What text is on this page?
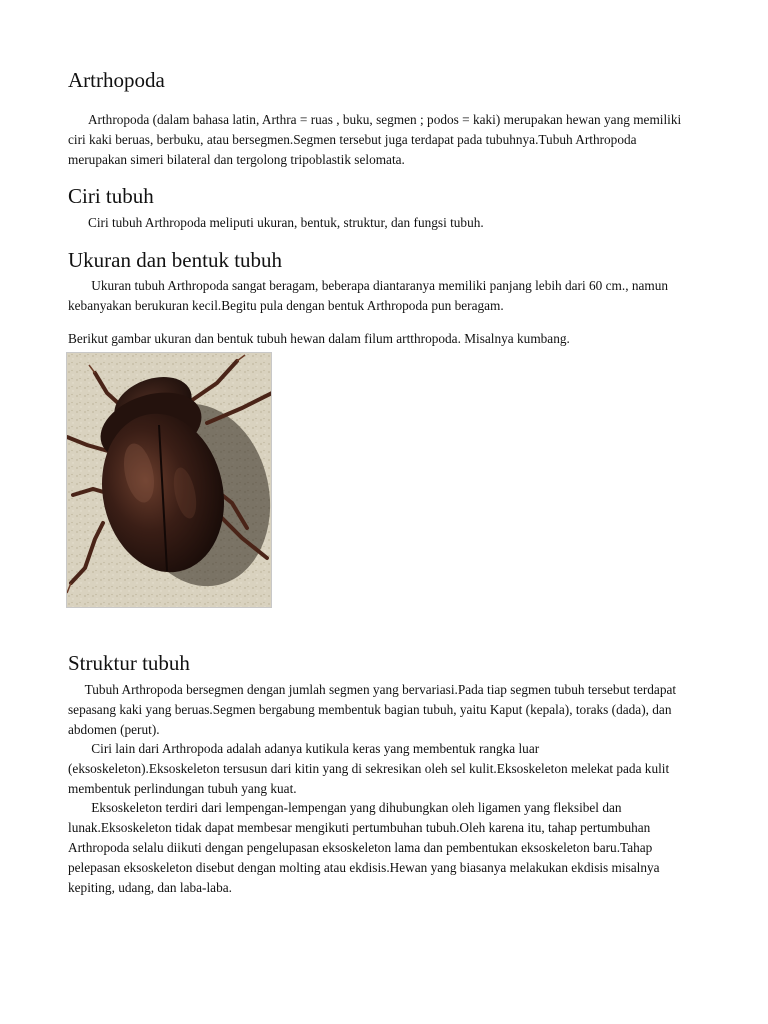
Artrhopoda

Arthropoda (dalam bahasa latin, Arthra = ruas , buku, segmen ; podos = kaki) merupakan hewan yang memiliki ciri kaki beruas, berbuku, atau bersegmen.Segmen tersebut juga terdapat pada tubuhnya.Tubuh Arthropoda merupakan simeri bilateral dan tergolong tripoblastik selomata.

Ciri tubuh

Ciri tubuh Arthropoda meliputi ukuran, bentuk, struktur, dan fungsi tubuh.

Ukuran dan bentuk tubuh

Ukuran tubuh Arthropoda sangat beragam, beberapa diantaranya memiliki panjang lebih dari 60 cm., namun kebanyakan berukuran kecil.Begitu pula dengan bentuk Arthropoda pun beragam.

Berikut gambar ukuran dan bentuk tubuh hewan dalam filum artthropoda. Misalnya kumbang.

Struktur tubuh

Tubuh Arthropoda bersegmen dengan jumlah segmen yang bervariasi.Pada tiap segmen tubuh tersebut terdapat sepasang kaki yang beruas.Segmen bergabung membentuk bagian tubuh, yaitu Kaput (kepala), toraks (dada), dan abdomen (perut).

Ciri lain dari Arthropoda adalah adanya kutikula keras yang membentuk rangka luar (eksoskeleton).Eksoskeleton tersusun dari kitin yang di sekresikan oleh sel kulit.Eksoskeleton melekat pada kulit membentuk perlindungan tubuh yang kuat.

Eksoskeleton terdiri dari lempengan-lempengan yang dihubungkan oleh ligamen yang fleksibel dan lunak.Eksoskeleton tidak dapat membesar mengikuti pertumbuhan tubuh.Oleh karena itu, tahap pertumbuhan Arthropoda selalu diikuti dengan pengelupasan eksoskeleton lama dan pembentukan eksoskeleton baru.Tahap pelepasan eksoskeleton disebut dengan molting atau ekdisis.Hewan yang biasanya melakukan ekdisis misalnya kepiting, udang, dan laba-laba.
